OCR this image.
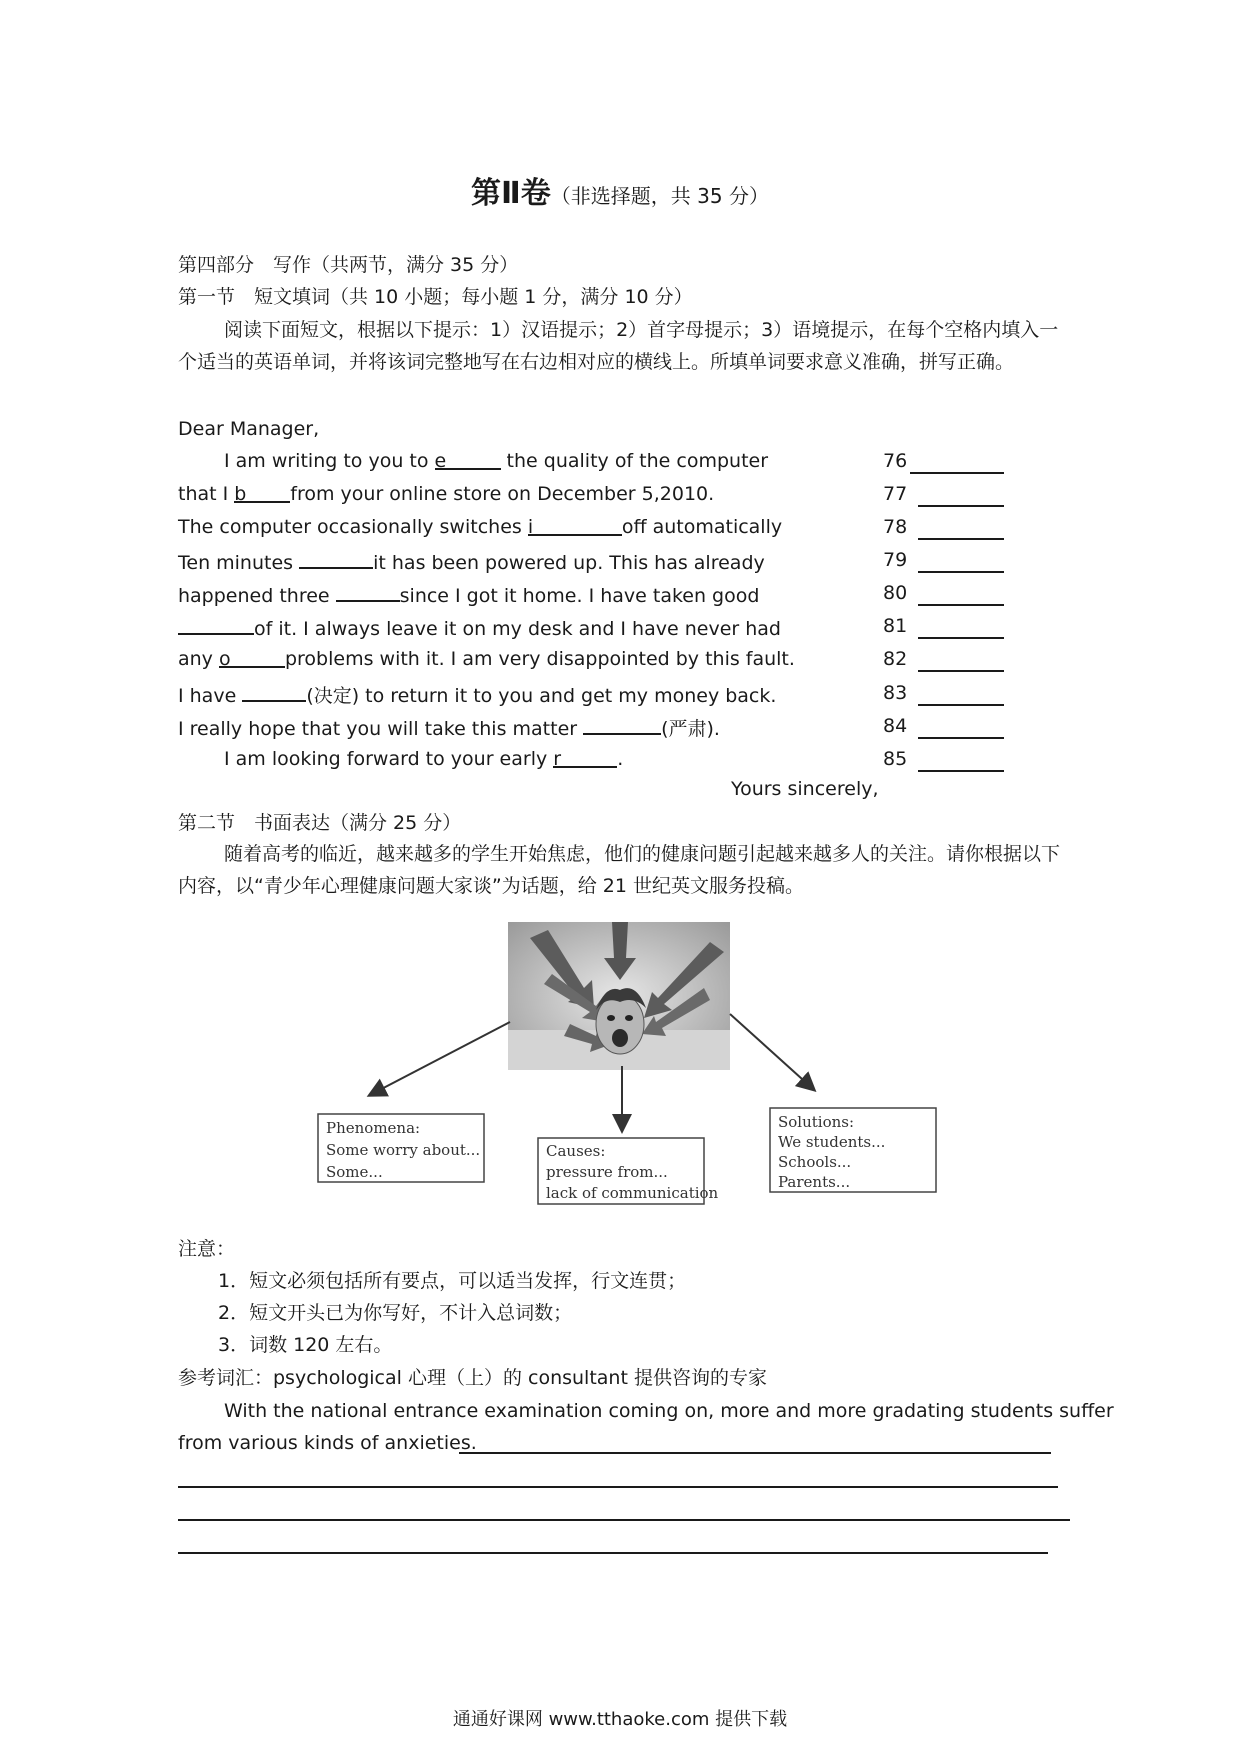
第Ⅱ卷（非选择题，共 35 分）
第四部分　写作（共两节，满分 35 分）
第一节　短文填词（共 10 小题；每小题 1 分，满分 10 分）
阅读下面短文，根据以下提示：1）汉语提示；2）首字母提示；3）语境提示，在每个空格内填入一个适当的英语单词，并将该词完整地写在右边相对应的横线上。所填单词要求意义准确，拼写正确。
Dear Manager,
I am writing to you to e	the quality of the computer	76
that I b from your online store on December 5,2010.	77
The computer occasionally switches i	off automatically	78
Ten minutes	it has been powered up. This has already	79
happened three	since I got it home. I have taken good	80
of it. I always leave it on my desk and I have never had	81
any o	problems with it. I am very disappointed by this fault.	82
I have	(决定) to return it to you and get my money back.	83
I really hope that you will take this matter	(严肃).	84
I am looking forward to your early r	.	85
Yours sincerely,
第二节　书面表达（满分 25 分）
随着高考的临近，越来越多的学生开始焦虑，他们的健康问题引起越来越多人的关注。请你根据以下内容，以“青少年心理健康问题大家谈”为话题，给 21 世纪英文服务投稿。
Phenomena:
Some worry about...
Some...
Causes:
pressure from...
lack of communication
Solutions:
We students...
Schools...
Parents...
注意：
1．短文必须包括所有要点，可以适当发挥，行文连贯；
2．短文开头已为你写好，不计入总词数；
3．词数 120 左右。
参考词汇：psychological 心理（上）的 consultant 提供咨询的专家
With the national entrance examination coming on, more and more gradating students suffer
from various kinds of anxieties.
通通好课网 www.tthaoke.com 提供下载
